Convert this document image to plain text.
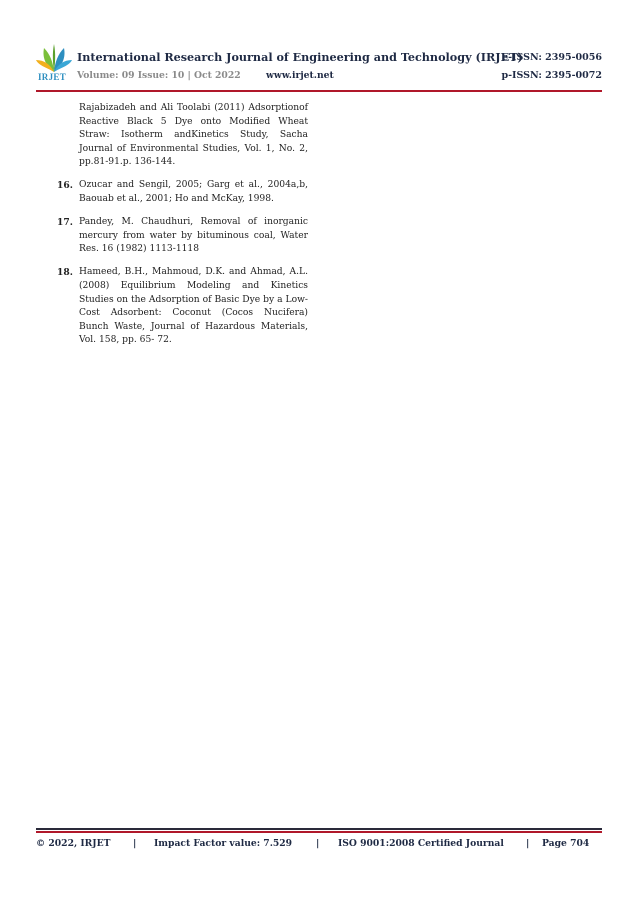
IRJET
International Research Journal of Engineering and Technology (IRJET)
e-ISSN: 2395-0056
Volume: 09 Issue: 10 | Oct 2022	www.irjet.net	p-ISSN: 2395-0072
Rajabizadeh and Ali Toolabi (2011) Adsorptionof Reactive Black 5 Dye onto Modified Wheat Straw: Isotherm andKinetics Study, Sacha Journal of Environmental Studies, Vol. 1, No. 2, pp.81-91.p. 136-144.
16. Ozucar and Sengil, 2005; Garg et al., 2004a,b, Baouab et al., 2001; Ho and McKay, 1998.
17. Pandey, M. Chaudhuri, Removal of inorganic mercury from water by bituminous coal, Water Res. 16 (1982) 1113-1118
18. Hameed, B.H., Mahmoud, D.K. and Ahmad, A.L. (2008) Equilibrium Modeling and Kinetics Studies on the Adsorption of Basic Dye by a Low-Cost Adsorbent: Coconut (Cocos Nucifera) Bunch Waste, Journal of Hazardous Materials, Vol. 158, pp. 65- 72.
© 2022, IRJET | Impact Factor value: 7.529	| ISO 9001:2008 Certified Journal | Page 704
